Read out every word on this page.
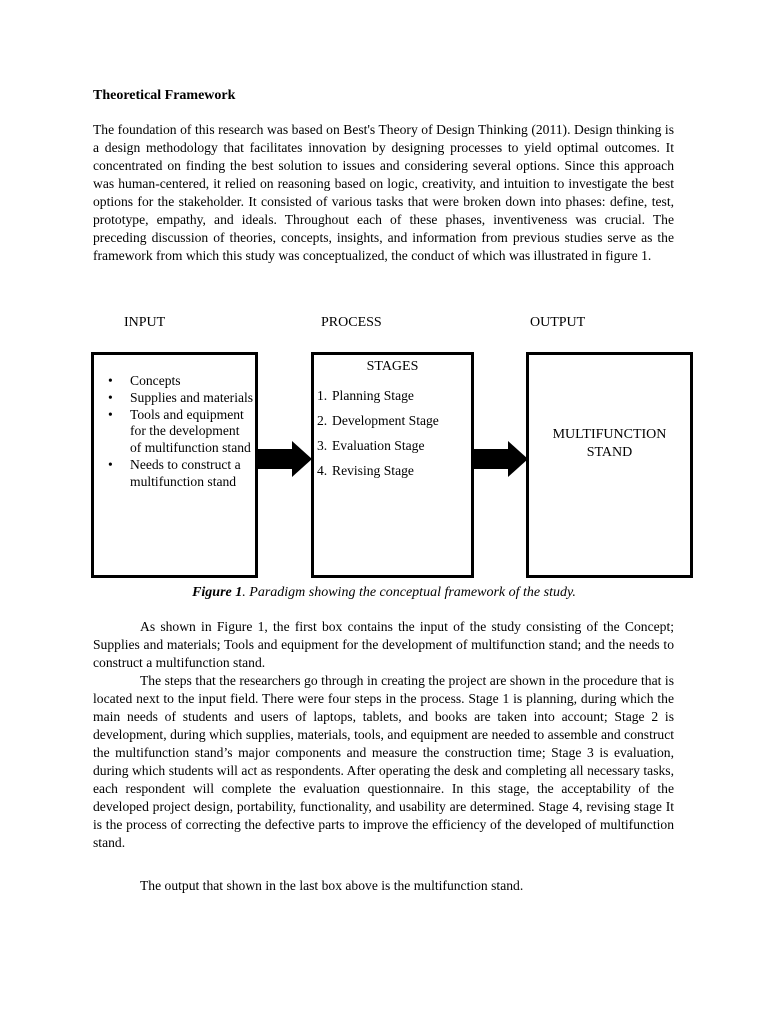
Theoretical Framework

The foundation of this research was based on Best's Theory of Design Thinking (2011). Design thinking is a design methodology that facilitates innovation by designing processes to yield optimal outcomes. It concentrated on finding the best solution to issues and considering several options. Since this approach was human-centered, it relied on reasoning based on logic, creativity, and intuition to investigate the best options for the stakeholder. It consisted of various tasks that were broken down into phases: define, test, prototype, empathy, and ideals. Throughout each of these phases, inventiveness was crucial. The preceding discussion of theories, concepts, insights, and information from previous studies serve as the framework from which this study was conceptualized, the conduct of which was illustrated in figure 1.

INPUT	PROCESS	OUTPUT
• Concepts
• Supplies and materials
• Tools and equipment for the development of multifunction stand
• Needs to construct a multifunction stand
STAGES
1. Planning Stage
2. Development Stage
3. Evaluation Stage
4. Revising Stage
MULTIFUNCTION
STAND
Figure 1. Paradigm showing the conceptual framework of the study.

As shown in Figure 1, the first box contains the input of the study consisting of the Concept; Supplies and materials; Tools and equipment for the development of multifunction stand; and the needs to construct a multifunction stand.

The steps that the researchers go through in creating the project are shown in the procedure that is located next to the input field. There were four steps in the process. Stage 1 is planning, during which the main needs of students and users of laptops, tablets, and books are taken into account; Stage 2 is development, during which supplies, materials, tools, and equipment are needed to assemble and construct the multifunction stand’s major components and measure the construction time; Stage 3 is evaluation, during which students will act as respondents. After operating the desk and completing all necessary tasks, each respondent will complete the evaluation questionnaire. In this stage, the acceptability of the developed project design, portability, functionality, and usability are determined. Stage 4, revising stage It is the process of correcting the defective parts to improve the efficiency of the developed of multifunction stand.

The output that shown in the last box above is the multifunction stand.
